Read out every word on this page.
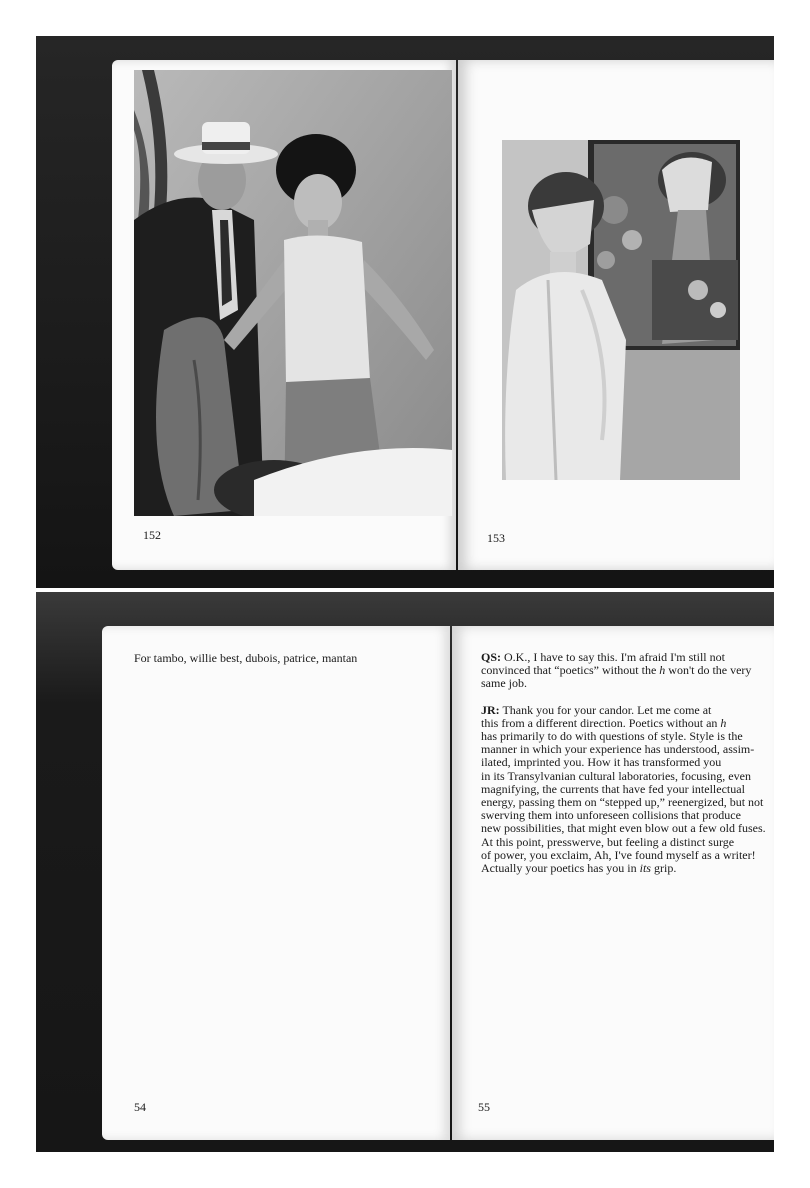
152	153
For tambo, willie best, dubois, patrice, mantan	QS: O.K., I have to say this. I'm afraid I'm still not
convinced that “poetics” without the h won't do the very
same job.
JR: Thank you for your candor. Let me come at
this from a different direction. Poetics without an h
has primarily to do with questions of style. Style is the
manner in which your experience has understood, assim-
ilated, imprinted you. How it has transformed you
in its Transylvanian cultural laboratories, focusing, even
magnifying, the currents that have fed your intellectual
energy, passing them on “stepped up,” reenergized, but not
swerving them into unforeseen collisions that produce
new possibilities, that might even blow out a few old fuses.
At this point, presswerve, but feeling a distinct surge
of power, you exclaim, Ah, I've found myself as a writer!
Actually your poetics has you in its grip.
54	55
